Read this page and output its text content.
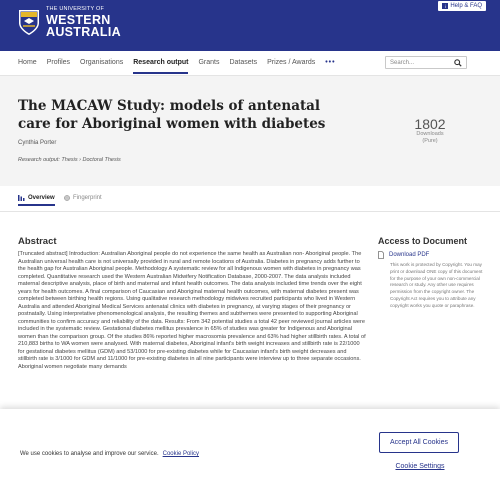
THE UNIVERSITY OF
WESTERN
AUSTRALIA
i Help & FAQ
Home Profiles Organisations Research output Grants Datasets Prizes / Awards •••	Search...
The MACAW Study: models of antenatal care for Aboriginal women with diabetes
Cynthia Porter
Research output: Thesis › Doctoral Thesis
1802
Downloads
(Pure)
Overview	Fingerprint
Abstract
[Truncated abstract] Introduction: Australian Aboriginal people do not experience the same health as Australian non- Aboriginal people. The Australian universal health care is not universally provided in rural and remote locations of Australia. Diabetes in pregnancy adds further to the health gap for Australian Aboriginal people. Methodology A systematic review for all Indigenous women with diabetes in pregnancy was completed. Quantitative research used the Western Australian Midwifery Notification Database, 2000-2007. The data analysis included maternal descriptive analysis, place of birth and maternal and infant health outcomes. The data analysis included time trends over the eight years for health outcomes. A final comparison of Caucasian and Aboriginal maternal health outcomes, with maternal diabetes present was completed between birthing health regions. Using qualitative research methodology midwives recruited participants who lived in Western Australia and attended Aboriginal Medical Services antenatal clinics with diabetes in pregnancy, at varying stages of their pregnancy or postnatally. Using interpretative phenomenological analysis, the resulting themes and subthemes were presented to supporting Aboriginal communities to confirm accuracy and reliability of the data. Results: From 342 potential studies a total 42 peer reviewed journal articles were included in the systematic review. Gestational diabetes mellitus prevalence in 65% of studies was greater for Indigenous and Aboriginal women than the comparison group. Of the studies 86% reported higher macrosomia prevalence and 63% had higher stillbirth rates. A total of 210,883 births to WA women were analysed. With maternal diabetes, Aboriginal infant's birth weight increases and stillbirth rate is 22/1000 for gestational diabetes mellitus (GDM) and 53/1000 for pre-existing diabetes while for Caucasian infant's birth weight decreases and stillbirth rate is 3/1000 for GDM and 11/1000 for pre-existing diabetes in all nine participants were interview up to three separate occasions. Aboriginal women negotiate many demands
Access to Document
Download PDF
This work is protected by Copyright. You may print or download ONE copy of this document for the purpose of your own non-commercial research or study. Any other use requires permission from the copyright owner. The Copyright Act requires you to attribute any copyright works you quote or paraphrase.
We use cookies to analyse and improve our service. Cookie Policy
Accept All Cookies
Cookie Settings
